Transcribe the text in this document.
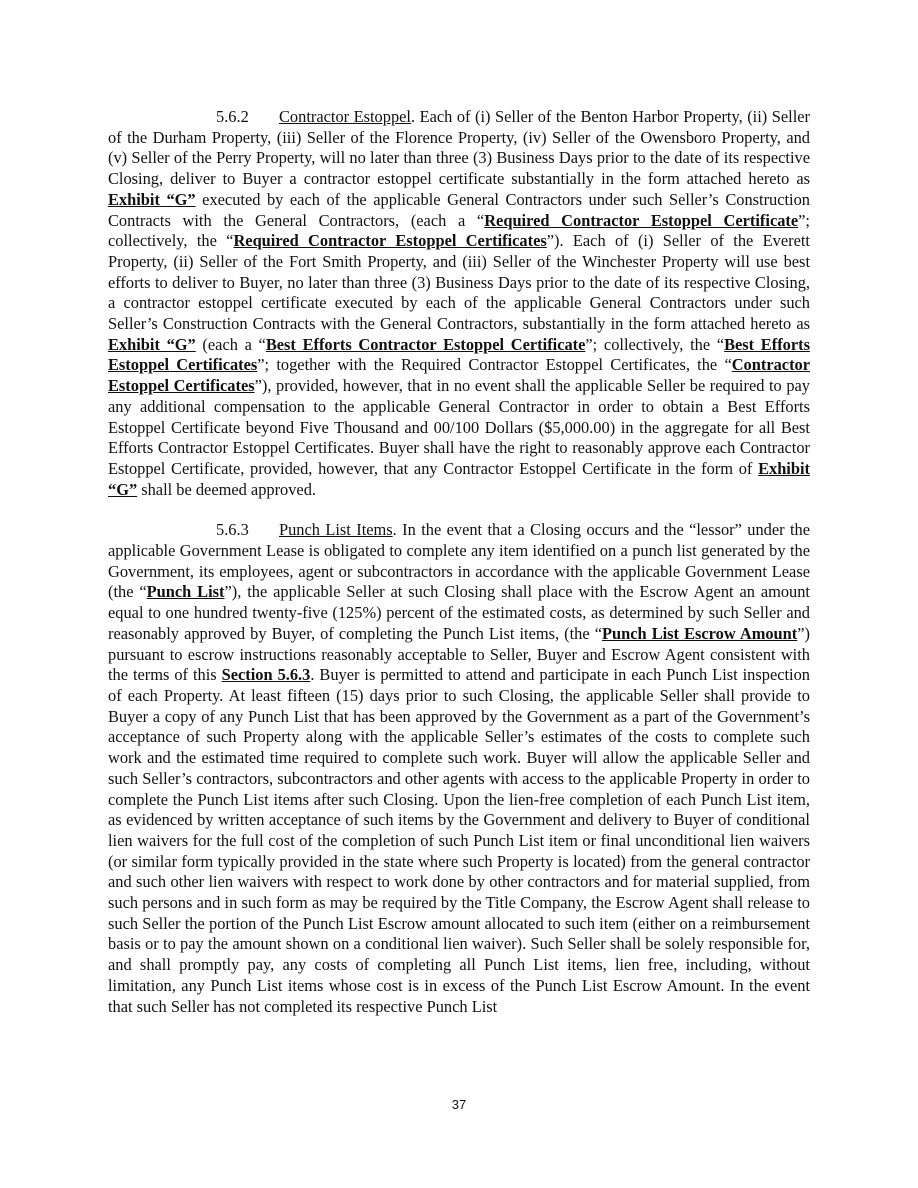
5.6.2 Contractor Estoppel. Each of (i) Seller of the Benton Harbor Property, (ii) Seller of the Durham Property, (iii) Seller of the Florence Property, (iv) Seller of the Owensboro Property, and (v) Seller of the Perry Property, will no later than three (3) Business Days prior to the date of its respective Closing, deliver to Buyer a contractor estoppel certificate substantially in the form attached hereto as Exhibit “G” executed by each of the applicable General Contractors under such Seller’s Construction Contracts with the General Contractors, (each a “Required Contractor Estoppel Certificate”; collectively, the “Required Contractor Estoppel Certificates”). Each of (i) Seller of the Everett Property, (ii) Seller of the Fort Smith Property, and (iii) Seller of the Winchester Property will use best efforts to deliver to Buyer, no later than three (3) Business Days prior to the date of its respective Closing, a contractor estoppel certificate executed by each of the applicable General Contractors under such Seller’s Construction Contracts with the General Contractors, substantially in the form attached hereto as Exhibit “G” (each a “Best Efforts Contractor Estoppel Certificate”; collectively, the “Best Efforts Estoppel Certificates”; together with the Required Contractor Estoppel Certificates, the “Contractor Estoppel Certificates”), provided, however, that in no event shall the applicable Seller be required to pay any additional compensation to the applicable General Contractor in order to obtain a Best Efforts Estoppel Certificate beyond Five Thousand and 00/100 Dollars ($5,000.00) in the aggregate for all Best Efforts Contractor Estoppel Certificates. Buyer shall have the right to reasonably approve each Contractor Estoppel Certificate, provided, however, that any Contractor Estoppel Certificate in the form of Exhibit “G” shall be deemed approved.

5.6.3 Punch List Items. In the event that a Closing occurs and the “lessor” under the applicable Government Lease is obligated to complete any item identified on a punch list generated by the Government, its employees, agent or subcontractors in accordance with the applicable Government Lease (the “Punch List”), the applicable Seller at such Closing shall place with the Escrow Agent an amount equal to one hundred twenty-five (125%) percent of the estimated costs, as determined by such Seller and reasonably approved by Buyer, of completing the Punch List items, (the “Punch List Escrow Amount”) pursuant to escrow instructions reasonably acceptable to Seller, Buyer and Escrow Agent consistent with the terms of this Section 5.6.3. Buyer is permitted to attend and participate in each Punch List inspection of each Property. At least fifteen (15) days prior to such Closing, the applicable Seller shall provide to Buyer a copy of any Punch List that has been approved by the Government as a part of the Government’s acceptance of such Property along with the applicable Seller’s estimates of the costs to complete such work and the estimated time required to complete such work. Buyer will allow the applicable Seller and such Seller’s contractors, subcontractors and other agents with access to the applicable Property in order to complete the Punch List items after such Closing. Upon the lien-free completion of each Punch List item, as evidenced by written acceptance of such items by the Government and delivery to Buyer of conditional lien waivers for the full cost of the completion of such Punch List item or final unconditional lien waivers (or similar form typically provided in the state where such Property is located) from the general contractor and such other lien waivers with respect to work done by other contractors and for material supplied, from such persons and in such form as may be required by the Title Company, the Escrow Agent shall release to such Seller the portion of the Punch List Escrow amount allocated to such item (either on a reimbursement basis or to pay the amount shown on a conditional lien waiver). Such Seller shall be solely responsible for, and shall promptly pay, any costs of completing all Punch List items, lien free, including, without limitation, any Punch List items whose cost is in excess of the Punch List Escrow Amount. In the event that such Seller has not completed its respective Punch List

37
